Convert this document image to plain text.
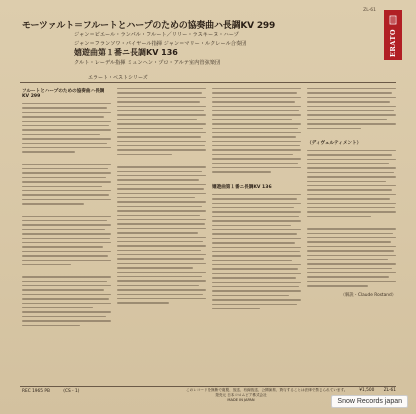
ZL-61
ERATO
モーツァルト＝フルートとハープのための協奏曲ハ長調KV 299
ジャン＝ピエール・ランパル・フルート／リリー・ラスキーヌ・ハープ
ジャン＝フランソワ・パイヤール指揮 ジャン＝マリー・ルクレール合奏団
嬉遊曲第１番ニ長調KV 136
クルト・レーデル指揮 ミュンヘン・プロ・アルテ室内管弦楽団
エラート・ベストシリーズ
フルートとハープのための協奏曲ハ長調KV 299
嬉遊曲第１番ニ長調KV 136
（ディヴェルティメント）
（解説・Claude Rostand）
REC 1965 PB	(CS・1)	このレコードを無断で複製、放送、有線放送、公開演奏、貸与することは法律で禁じられています。
発売元 日本コロムビア株式会社
MADE IN JAPAN
¥1,500 ZL-61
Snow Records japan
